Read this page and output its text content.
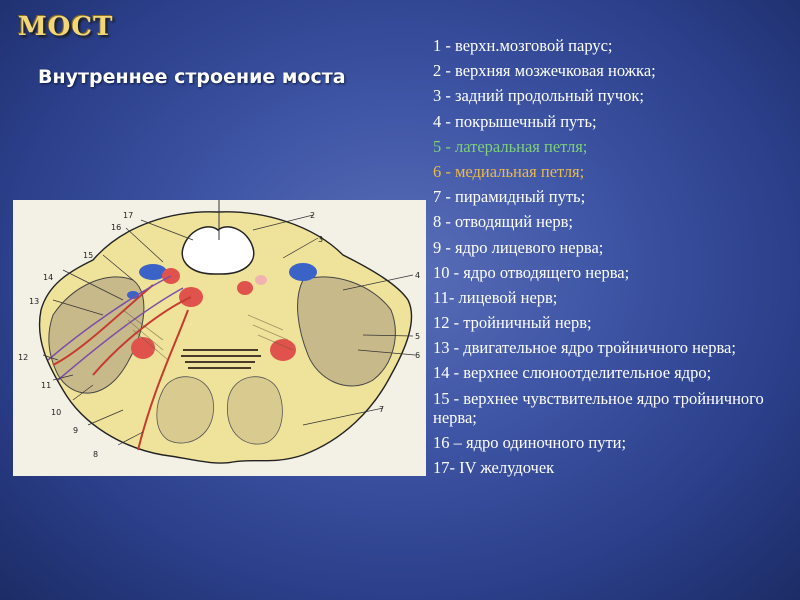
МОСТ
Внутреннее строение моста
17
16
15
14
13
12
11
10
9
8
2
3
4
5
6
7
1 - верхн.мозговой парус;
2 - верхняя мозжечковая ножка;
3 - задний продольный пучок;
4 - покрышечный путь;
5 - латеральная петля;
6 - медиальная петля;
7 - пирамидный путь;
8 - отводящий нерв;
9 - ядро лицевого нерва;
10 - ядро отводящего нерва;
11- лицевой нерв;
12 - тройничный нерв;
13 - двигательное ядро тройничного нерва;
14 - верхнее слюноотделительное ядро;
15 - верхнее чувствительное ядро тройничного нерва;
16 – ядро одиночного пути;
17- IV желудочек
